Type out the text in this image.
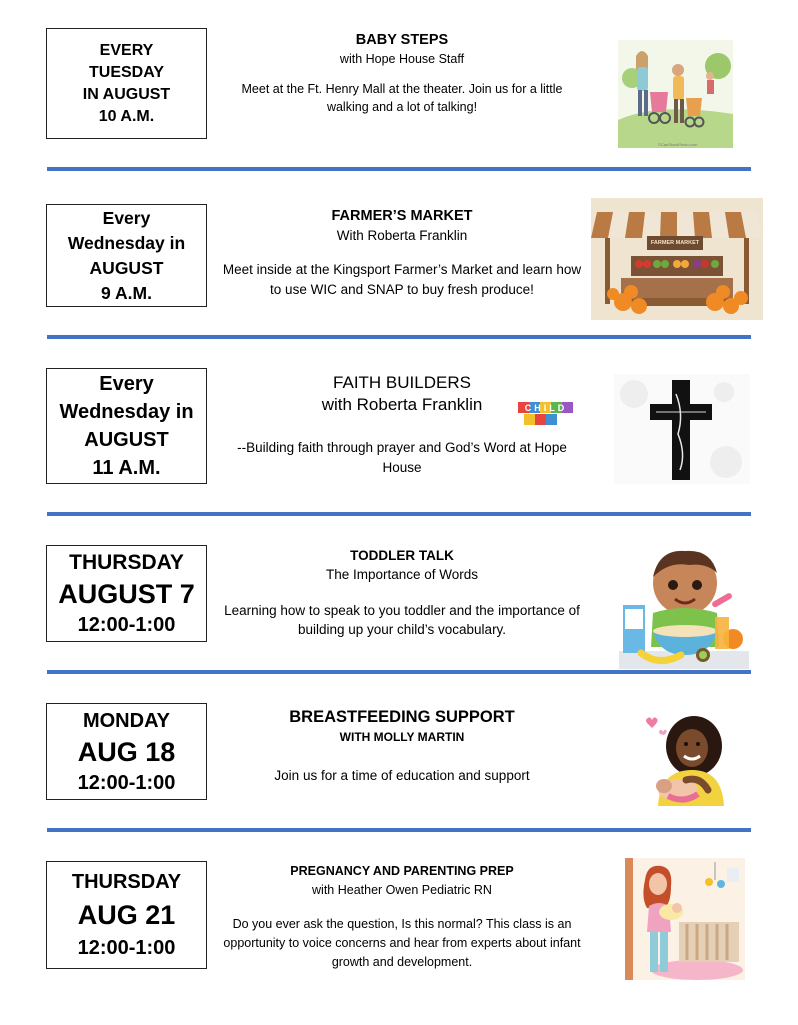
EVERY
TUESDAY
IN AUGUST
10 A.M.
BABY STEPS
with Hope House Staff
Meet at the Ft. Henry Mall at the theater. Join us for a little walking and a lot of talking!
©CanStockPhoto.com
Every
Wednesday in
AUGUST
9 A.M.
FARMER’S MARKET
With Roberta Franklin
Meet inside at the Kingsport Farmer’s Market and learn how to use WIC and SNAP to buy fresh produce!
FARMER MARKET
Every
Wednesday in
AUGUST
11 A.M.
FAITH BUILDERS
with Roberta Franklin
--Building faith through prayer and God’s Word at Hope House
CHILD
THURSDAY
AUGUST 7
12:00-1:00
TODDLER TALK
The Importance of Words
Learning how to speak to you toddler and the importance of building up your child’s vocabulary.
MONDAY
AUG 18
12:00-1:00
BREASTFEEDING SUPPORT
WITH MOLLY MARTIN
Join us for a time of education and support
THURSDAY
AUG 21
12:00-1:00
PREGNANCY AND PARENTING PREP
with Heather Owen Pediatric RN
Do you ever ask the question, Is this normal? This class is an opportunity to voice concerns and hear from experts about infant growth and development.
